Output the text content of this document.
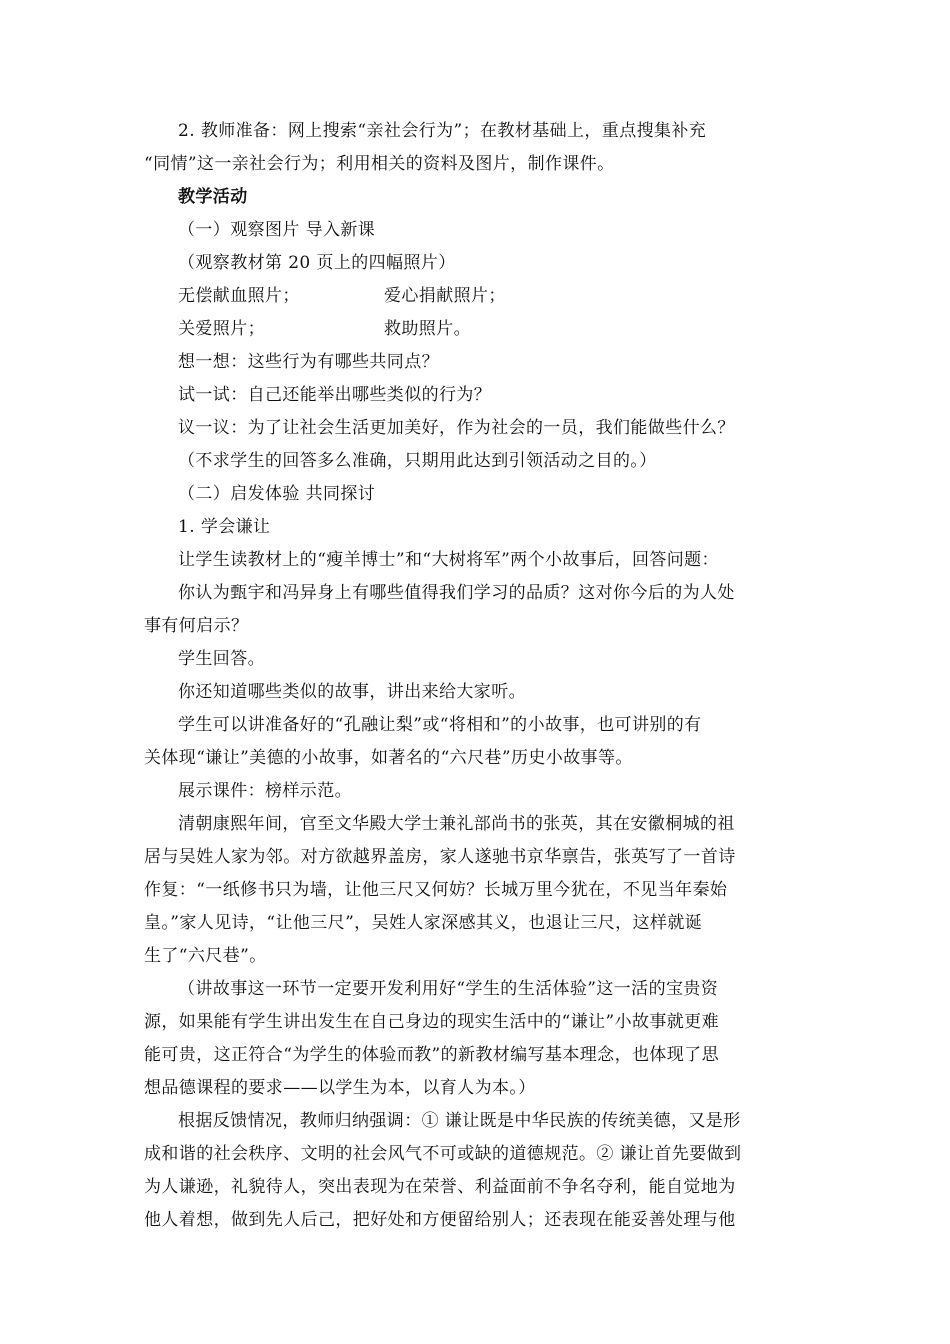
2. 教师准备：网上搜索“亲社会行为”；在教材基础上，重点搜集补充
“同情”这一亲社会行为；利用相关的资料及图片，制作课件。
教学活动
（一）观察图片 导入新课
（观察教材第 20 页上的四幅照片）
无偿献血照片；	爱心捐献照片；
关爱照片；	救助照片。
想一想：这些行为有哪些共同点？
试一试：自己还能举出哪些类似的行为？
议一议：为了让社会生活更加美好，作为社会的一员，我们能做些什么？
（不求学生的回答多么准确，只期用此达到引领活动之目的。）
（二）启发体验 共同探讨
1. 学会谦让
让学生读教材上的“瘦羊博士”和“大树将军”两个小故事后，回答问题：
你认为甄宇和冯异身上有哪些值得我们学习的品质？这对你今后的为人处
事有何启示？
学生回答。
你还知道哪些类似的故事，讲出来给大家听。
学生可以讲准备好的“孔融让梨”或“将相和”的小故事，也可讲别的有
关体现“谦让”美德的小故事，如著名的“六尺巷”历史小故事等。
展示课件：榜样示范。
清朝康熙年间，官至文华殿大学士兼礼部尚书的张英，其在安徽桐城的祖
居与吴姓人家为邻。对方欲越界盖房，家人遂驰书京华禀告，张英写了一首诗
作复：“一纸修书只为墙，让他三尺又何妨？长城万里今犹在，不见当年秦始
皇。”家人见诗，“让他三尺”，吴姓人家深感其义，也退让三尺，这样就诞
生了“六尺巷”。
（讲故事这一环节一定要开发利用好“学生的生活体验”这一活的宝贵资
源，如果能有学生讲出发生在自己身边的现实生活中的“谦让”小故事就更难
能可贵，这正符合“为学生的体验而教”的新教材编写基本理念，也体现了思
想品德课程的要求——以学生为本，以育人为本。）
根据反馈情况，教师归纳强调：① 谦让既是中华民族的传统美德，又是形
成和谐的社会秩序、文明的社会风气不可或缺的道德规范。② 谦让首先要做到
为人谦逊，礼貌待人，突出表现为在荣誉、利益面前不争名夺利，能自觉地为
他人着想，做到先人后己，把好处和方便留给别人；还表现在能妥善处理与他
